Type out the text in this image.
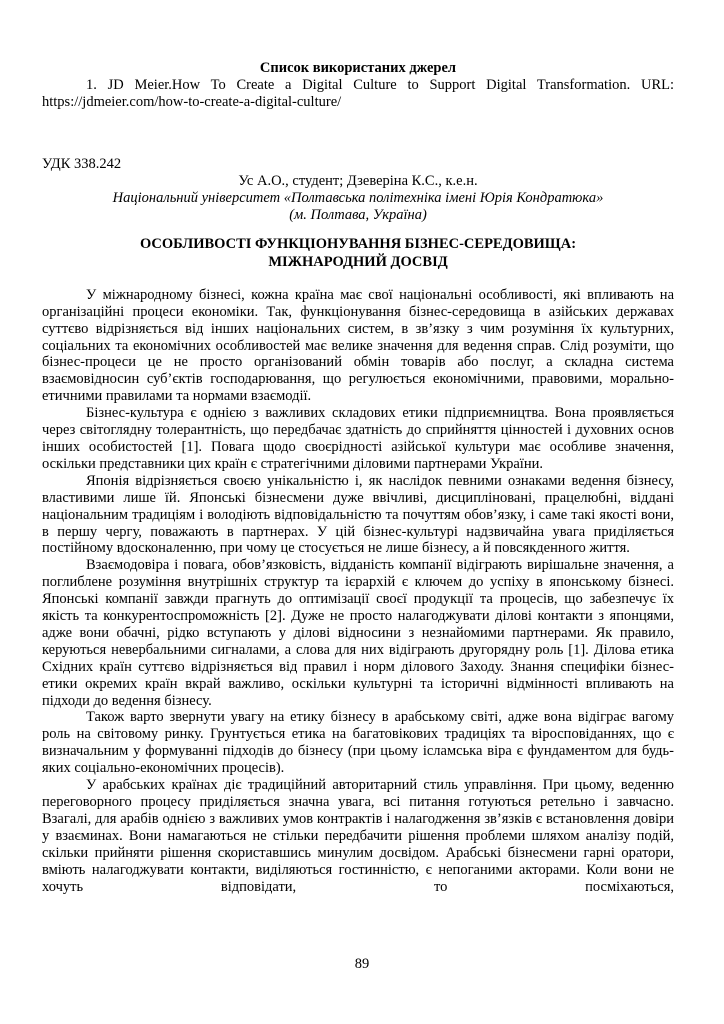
Список використаних джерел

1. JD Meier.How To Create a Digital Culture to Support Digital Transformation. URL: https://jdmeier.com/how-to-create-a-digital-culture/

УДК 338.242
Ус А.О., студент; Дзеверіна К.С., к.е.н.
Національний університет «Полтавська політехніка імені Юрія Кондратюка»
(м. Полтава, Україна)
ОСОБЛИВОСТІ ФУНКЦІОНУВАННЯ БІЗНЕС-СЕРЕДОВИЩА:
МІЖНАРОДНИЙ ДОСВІД

У міжнародному бізнесі, кожна країна має свої національні особливості, які впливають на організаційні процеси економіки. Так, функціонування бізнес-середовища в азійських державах суттєво відрізняється від інших національних систем, в зв’язку з чим розуміння їх культурних, соціальних та економічних особливостей має велике значення для ведення справ. Слід розуміти, що бізнес-процеси це не просто організований обмін товарів або послуг, а складна система взаємовідносин суб’єктів господарювання, що регулюється економічними, правовими, морально-етичними правилами та нормами взаємодії.

Бізнес-культура є однією з важливих складових етики підприємництва. Вона проявляється через світоглядну толерантність, що передбачає здатність до сприйняття цінностей і духовних основ інших особистостей [1]. Повага щодо своєрідності азійської культури має особливе значення, оскільки представники цих країн є стратегічними діловими партнерами України.

Японія відрізняється своєю унікальністю і, як наслідок певними ознаками ведення бізнесу, властивими лише їй. Японські бізнесмени дуже ввічливі, дисципліновані, працелюбні, віддані національним традиціям і володіють відповідальністю та почуттям обов’язку, і саме такі якості вони, в першу чергу, поважають в партнерах. У цій бізнес-культурі надзвичайна увага приділяється постійному вдосконаленню, при чому це стосується не лише бізнесу, а й повсякденного життя.

Взаємодовіра і повага, обов’язковість, відданість компанії відіграють вирішальне значення, а поглиблене розуміння внутрішніх структур та ієрархій є ключем до успіху в японському бізнесі. Японські компанії завжди прагнуть до оптимізації своєї продукції та процесів, що забезпечує їх якість та конкурентоспроможність [2]. Дуже не просто налагоджувати ділові контакти з японцями, адже вони обачні, рідко вступають у ділові відносини з незнайомими партнерами. Як правило, керуються невербальними сигналами, а слова для них відіграють другорядну роль [1]. Ділова етика Східних країн суттєво відрізняється від правил і норм ділового Заходу. Знання специфіки бізнес-етики окремих країн вкрай важливо, оскільки культурні та історичні відмінності впливають на підходи до ведення бізнесу.

Також варто звернути увагу на етику бізнесу в арабському світі, адже вона відіграє вагому роль на світовому ринку. Грунтується етика на багатовікових традиціях та віросповіданнях, що є визначальним у формуванні підходів до бізнесу (при цьому ісламська віра є фундаментом для будь-яких соціально-економічних процесів).

У арабських країнах діє традиційний авторитарний стиль управління. При цьому, веденню переговорного процесу приділяється значна увага, всі питання готуються ретельно і завчасно. Взагалі, для арабів однією з важливих умов контрактів і налагодження зв’язків є встановлення довіри у взаєминах. Вони намагаються не стільки передбачити рішення проблеми шляхом аналізу подій, скільки прийняти рішення скориставшись минулим досвідом. Арабські бізнесмени гарні оратори, вміють налагоджувати контакти, виділяються гостинністю, є непоганими акторами. Коли вони не хочуть відповідати, то посміхаються,

89
